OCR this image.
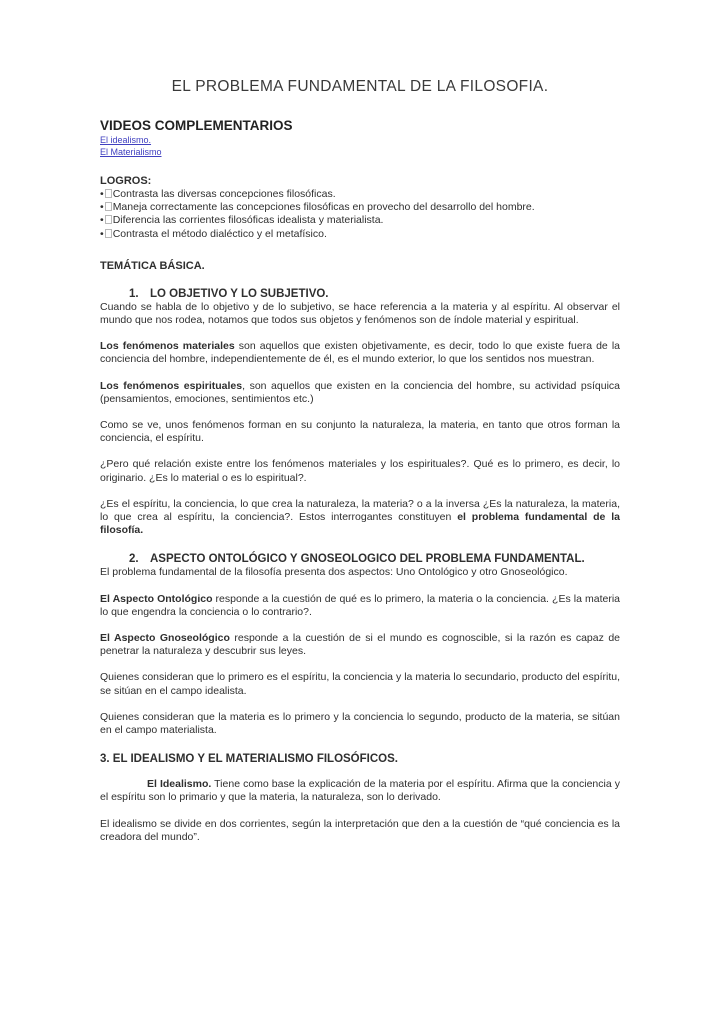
EL PROBLEMA FUNDAMENTAL DE LA FILOSOFIA.
VIDEOS COMPLEMENTARIOS
El idealismo.
El Materialismo
LOGROS:
• Contrasta las diversas concepciones filosóficas.
• Maneja correctamente las concepciones filosóficas en provecho del desarrollo del hombre.
• Diferencia las corrientes filosóficas idealista y materialista.
• Contrasta el método dialéctico y el metafísico.
TEMÁTICA BÁSICA.
1. LO OBJETIVO Y LO SUBJETIVO.

Cuando se habla de lo objetivo y de lo subjetivo, se hace referencia a la materia y al espíritu. Al observar el mundo que nos rodea, notamos que todos sus objetos y fenómenos son de índole material y espiritual.

Los fenómenos materiales son aquellos que existen objetivamente, es decir, todo lo que existe fuera de la conciencia del hombre, independientemente de él, es el mundo exterior, lo que los sentidos nos muestran.

Los fenómenos espirituales, son aquellos que existen en la conciencia del hombre, su actividad psíquica (pensamientos, emociones, sentimientos etc.)

Como se ve, unos fenómenos forman en su conjunto la naturaleza, la materia, en tanto que otros forman la conciencia, el espíritu.

¿Pero qué relación existe entre los fenómenos materiales y los espirituales?. Qué es lo primero, es decir, lo originario. ¿Es lo material o es lo espiritual?.

¿Es el espíritu, la conciencia, lo que crea la naturaleza, la materia? o a la inversa ¿Es la naturaleza, la materia, lo que crea al espíritu, la conciencia?. Estos interrogantes constituyen el problema fundamental de la filosofía.

2. ASPECTO ONTOLÓGICO Y GNOSEOLOGICO DEL PROBLEMA FUNDAMENTAL.

El problema fundamental de la filosofía presenta dos aspectos: Uno Ontológico y otro Gnoseológico.

El Aspecto Ontológico responde a la cuestión de qué es lo primero, la materia o la conciencia. ¿Es la materia lo que engendra la conciencia o lo contrario?.

El Aspecto Gnoseológico responde a la cuestión de si el mundo es cognoscible, si la razón es capaz de penetrar la naturaleza y descubrir sus leyes.

Quienes consideran que lo primero es el espíritu, la conciencia y la materia lo secundario, producto del espíritu, se sitúan en el campo idealista.

Quienes consideran que la materia es lo primero y la conciencia lo segundo, producto de la materia, se sitúan en el campo materialista.

3. EL IDEALISMO Y EL MATERIALISMO FILOSÓFICOS.

El Idealismo. Tiene como base la explicación de la materia por el espíritu. Afirma que la conciencia y el espíritu son lo primario y que la materia, la naturaleza, son lo derivado.

El idealismo se divide en dos corrientes, según la interpretación que den a la cuestión de “qué conciencia es la creadora del mundo”.
